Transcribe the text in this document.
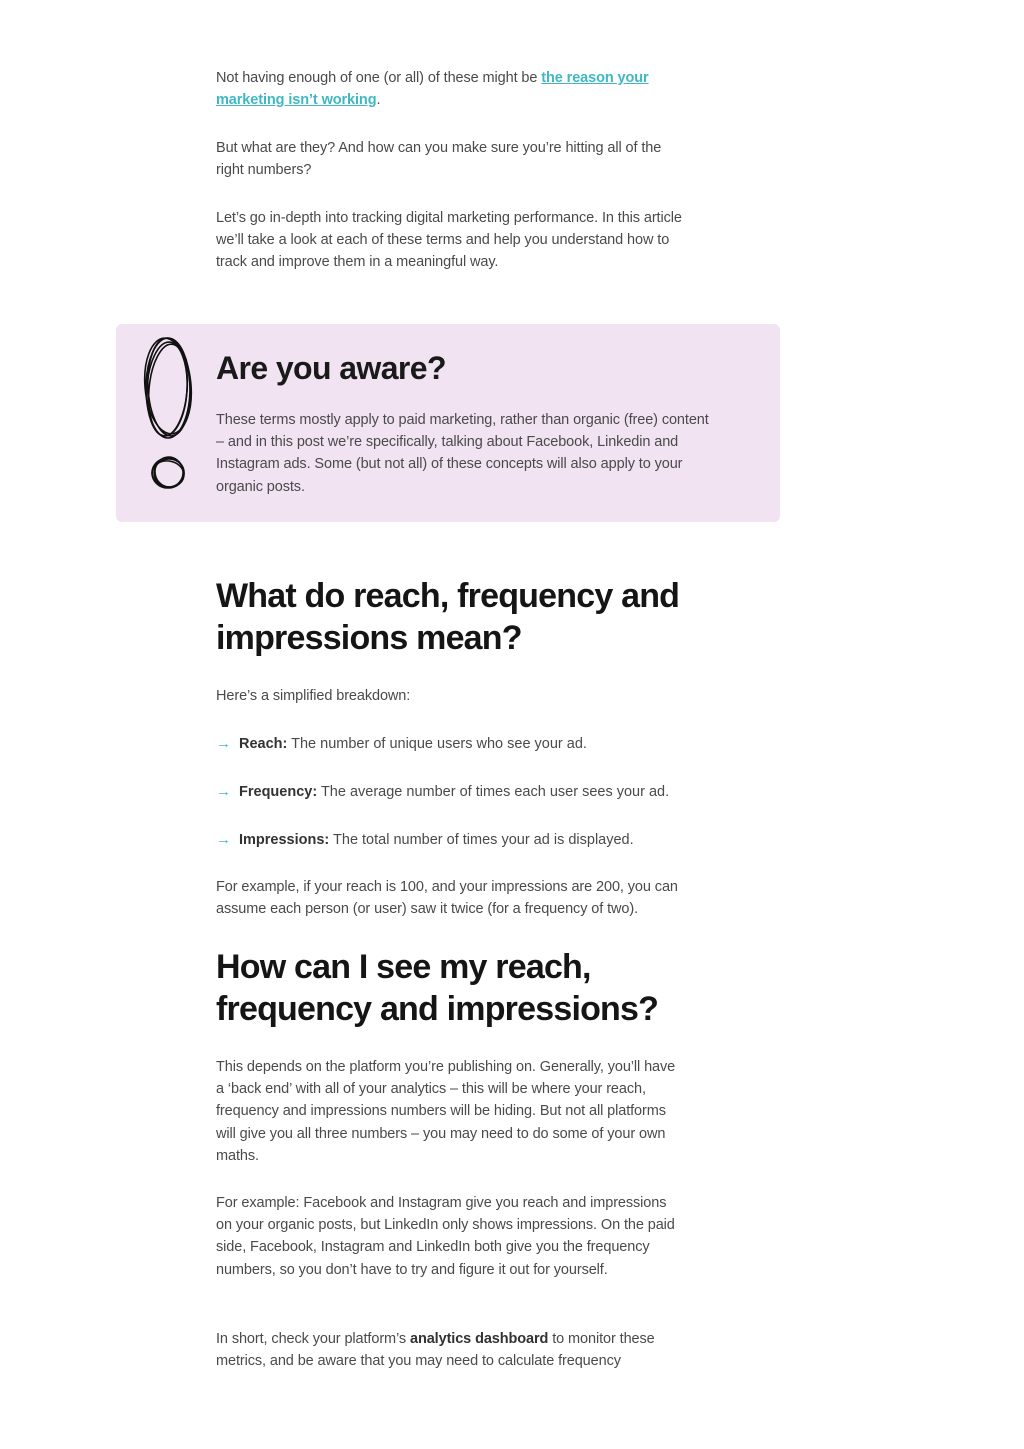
Not having enough of one (or all) of these might be the reason your marketing isn’t working.

But what are they? And how can you make sure you’re hitting all of the right numbers?

Let’s go in-depth into tracking digital marketing performance. In this article we’ll take a look at each of these terms and help you understand how to track and improve them in a meaningful way.

Are you aware?

These terms mostly apply to paid marketing, rather than organic (free) content – and in this post we’re specifically, talking about Facebook, Linkedin and Instagram ads. Some (but not all) of these concepts will also apply to your organic posts.

What do reach, frequency and impressions mean?

Here’s a simplified breakdown:

→ Reach: The number of unique users who see your ad.
→ Frequency: The average number of times each user sees your ad.
→ Impressions: The total number of times your ad is displayed.

For example, if your reach is 100, and your impressions are 200, you can assume each person (or user) saw it twice (for a frequency of two).

How can I see my reach, frequency and impressions?

This depends on the platform you’re publishing on. Generally, you’ll have a ‘back end’ with all of your analytics – this will be where your reach, frequency and impressions numbers will be hiding. But not all platforms will give you all three numbers – you may need to do some of your own maths.

For example: Facebook and Instagram give you reach and impressions on your organic posts, but LinkedIn only shows impressions. On the paid side, Facebook, Instagram and LinkedIn both give you the frequency numbers, so you don’t have to try and figure it out for yourself.

In short, check your platform’s analytics dashboard to monitor these metrics, and be aware that you may need to calculate frequency
